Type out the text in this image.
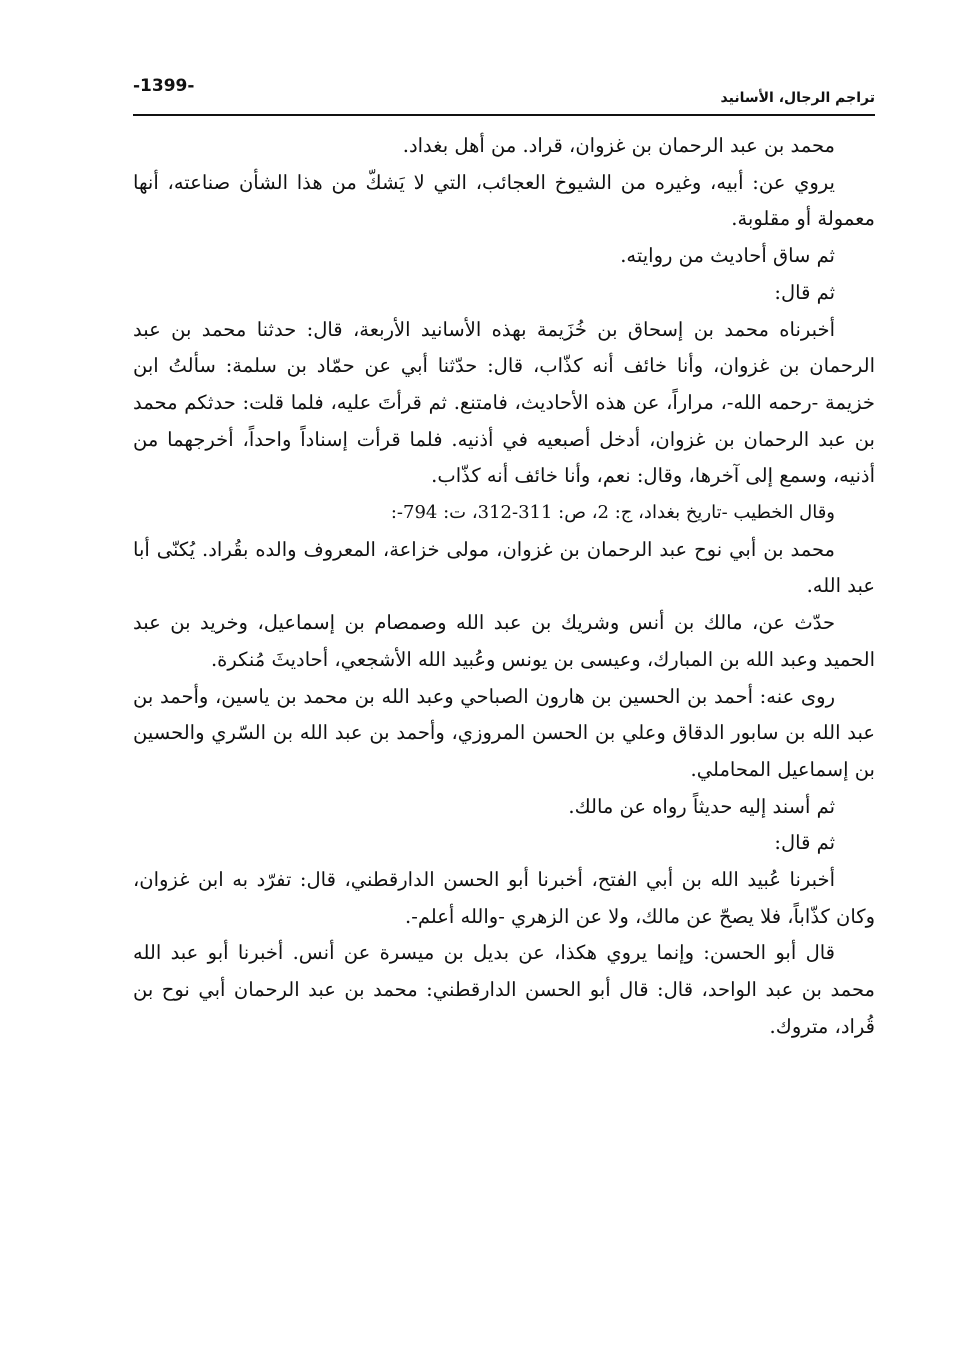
-1399-
تراجم الرجال، الأسانيد

محمد بن عبد الرحمان بن غزوان، قراد. من أهل بغداد.

يروي عن: أبيه، وغيره من الشيوخ العجائب، التي لا يَشكّ من هذا الشأن صناعته، أنها معمولة أو مقلوبة.

ثم ساق أحاديث من روايته.

ثم قال:

أخبرناه محمد بن إسحاق بن خُزَيمة بهذه الأسانيد الأربعة، قال: حدثنا محمد بن عبد الرحمان بن غزوان، وأنا خائف أنه كذّاب، قال: حدّثنا أبي عن حمّاد بن سلمة: سألتُ ابن خزيمة -رحمه الله-، مراراً، عن هذه الأحاديث، فامتنع. ثم قرأتَ عليه، فلما قلت: حدثكم محمد بن عبد الرحمان بن غزوان، أدخل أصبعيه في أذنيه. فلما قرأت إسناداً واحداً، أخرجهما من أذنيه، وسمع إلى آخرها، وقال: نعم، وأنا خائف أنه كذّاب.

وقال الخطيب -تاريخ بغداد، ج: 2، ص: 311-312، ت: 794-:

محمد بن أبي نوح عبد الرحمان بن غزوان، مولى خزاعة، المعروف والده بقُراد. يُكنّى أبا عبد الله.

حدّث عن، مالك بن أنس وشريك بن عبد الله وصمصام بن إسماعيل، وخريد بن عبد الحميد وعبد الله بن المبارك، وعيسى بن يونس وعُبيد الله الأشجعي، أحاديثَ مُنكرة.

روى عنه: أحمد بن الحسين بن هارون الصباحي وعبد الله بن محمد بن ياسين، وأحمد بن عبد الله بن سابور الدقاق وعلي بن الحسن المروزي، وأحمد بن عبد الله بن السّري والحسين بن إسماعيل المحاملي.

ثم أسند إليه حديثاً رواه عن مالك.

ثم قال:

أخبرنا عُبيد الله بن أبي الفتح، أخبرنا أبو الحسن الدارقطني، قال: تفرّد به ابن غزوان، وكان كذّاباً، فلا يصحّ عن مالك، ولا عن الزهري -والله أعلم-.

قال أبو الحسن: وإنما يروي هكذا، عن بديل بن ميسرة عن أنس. أخبرنا أبو عبد الله محمد بن عبد الواحد، قال: قال أبو الحسن الدارقطني: محمد بن عبد الرحمان أبي نوح بن قُراد، متروك.
